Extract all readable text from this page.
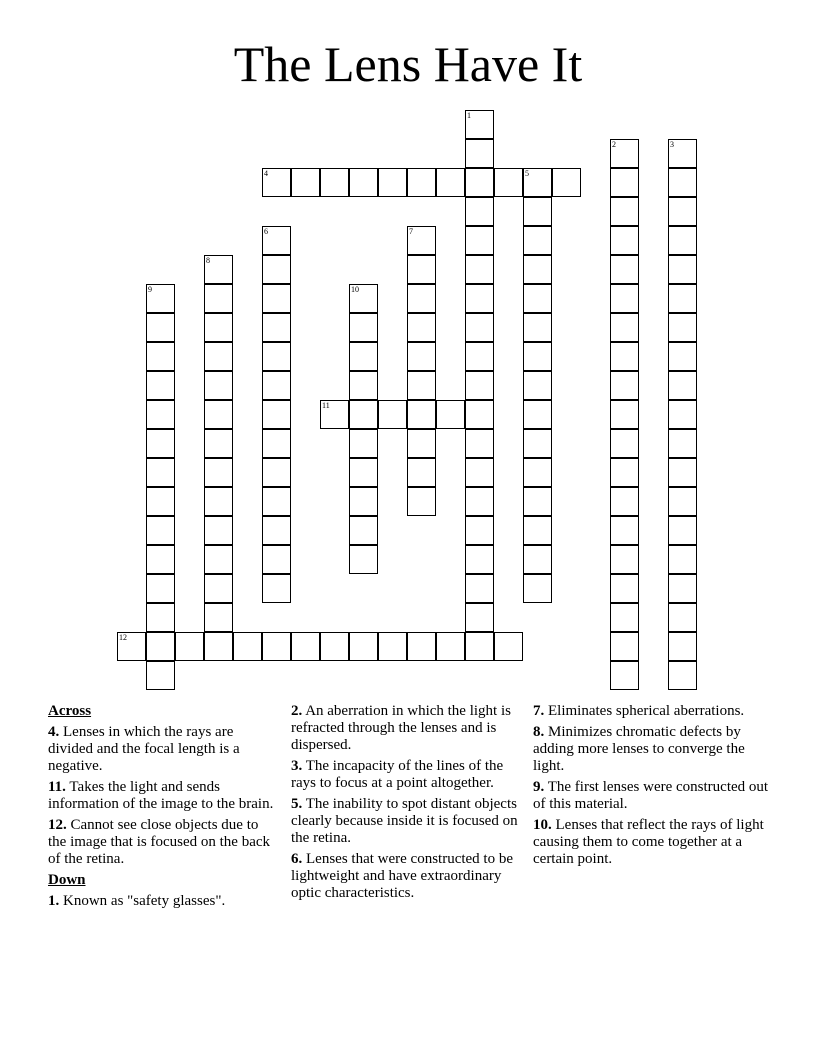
The Lens Have It
1
2	3
4	5
6	7
8
9	10
11
12
Across
4. Lenses in which the rays are divided and the focal length is a negative.
11. Takes the light and sends information of the image to the brain.
12. Cannot see close objects due to the image that is focused on the back of the retina.
Down
1. Known as "safety glasses".
2. An aberration in which the light is refracted through the lenses and is dispersed.
3. The incapacity of the lines of the rays to focus at a point altogether.
5. The inability to spot distant objects clearly because inside it is focused on the retina.
6. Lenses that were constructed to be lightweight and have extraordinary optic characteristics.
7. Eliminates spherical aberrations.
8. Minimizes chromatic defects by adding more lenses to converge the light.
9. The first lenses were constructed out of this material.
10. Lenses that reflect the rays of light causing them to come together at a certain point.
